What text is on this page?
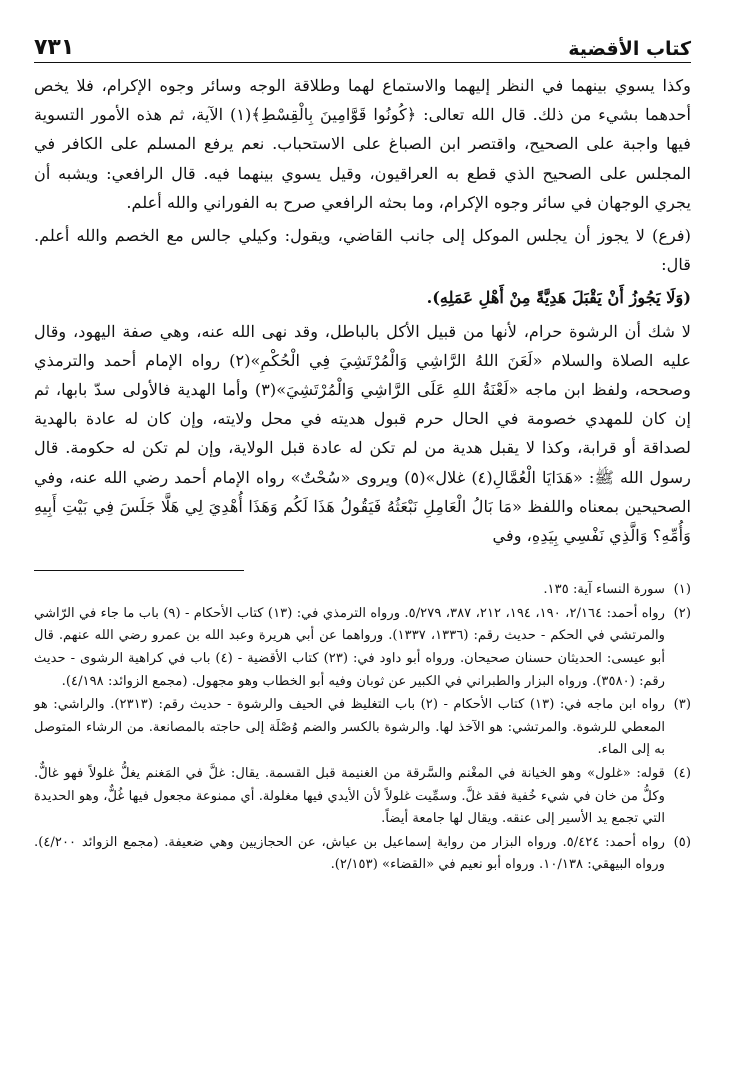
كتاب الأقضية
٧٣١

وكذا يسوي بينهما في النظر إليهما والاستماع لهما وطلاقة الوجه وسائر وجوه الإكرام، فلا يخص أحدهما بشيء من ذلك. قال الله تعالى: ﴿كُونُوا قَوَّامِينَ بِالْقِسْطِ﴾(١) الآية، ثم هذه الأمور التسوية فيها واجبة على الصحيح، واقتصر ابن الصباغ على الاستحباب. نعم يرفع المسلم على الكافر في المجلس على الصحيح الذي قطع به العراقيون، وقيل يسوي بينهما فيه. قال الرافعي: ويشبه أن يجري الوجهان في سائر وجوه الإكرام، وما بحثه الرافعي صرح به الفوراني والله أعلم.

(فرع) لا يجوز أن يجلس الموكل إلى جانب القاضي، ويقول: وكيلي جالس مع الخصم والله أعلم. قال:

(وَلَا يَجُوزُ أَنْ يَقْبَلَ هَدِيَّةً مِنْ أَهْلِ عَمَلِهِ).

لا شك أن الرشوة حرام، لأنها من قبيل الأكل بالباطل، وقد نهى الله عنه، وهي صفة اليهود، وقال عليه الصلاة والسلام «لَعَنَ اللهُ الرَّاشِي وَالْمُرْتَشِيَ فِي الْحُكْمِ»(٢) رواه الإمام أحمد والترمذي وصححه، ولفظ ابن ماجه «لَعْنَةُ اللهِ عَلَى الرَّاشِي وَالْمُرْتَشِيَ»(٣) وأما الهدية فالأولى سدّ بابها، ثم إن كان للمهدي خصومة في الحال حرم قبول هديته في محل ولايته، وإن كان له عادة بالهدية لصداقة أو قرابة، وكذا لا يقبل هدية من لم تكن له عادة قبل الولاية، وإن لم تكن له حكومة. قال رسول الله ﷺ: «هَدَايَا الْعُمَّالِ(٤) غلال»(٥) ويروى «سُحْتٌ» رواه الإمام أحمد رضي الله عنه، وفي الصحيحين بمعناه واللفظ «مَا بَالُ الْعَامِلِ نَبْعَثُهُ فَيَقُولُ هَذَا لَكُم وَهَذَا أُهْدِيَ لِي هَلَّا جَلَسَ فِي بَيْتِ أَبِيهِ وَأُمِّهِ؟ وَالَّذِي نَفْسِي بِيَدِهِ، وفي

(١)
سورة النساء آية: ١٣٥.
(٢)
رواه أحمد: ٢/١٦٤، ١٩٠، ١٩٤، ٢١٢، ٣٨٧، ٥/٢٧٩. ورواه الترمذي في: (١٣) كتاب الأحكام - (٩) باب ما جاء في الرّاشي والمرتشي في الحكم - حديث رقم: (١٣٣٦، ١٣٣٧). ورواهما عن أبي هريرة وعبد الله بن عمرو رضي الله عنهم. قال أبو عيسى: الحديثان حسنان صحيحان. ورواه أبو داود في: (٢٣) كتاب الأقضية - (٤) باب في كراهية الرشوى - حديث رقم: (٣٥٨٠). ورواه البزار والطبراني في الكبير عن ثوبان وفيه أبو الخطاب وهو مجهول. (مجمع الزوائد: ٤/١٩٨).
(٣)
رواه ابن ماجه في: (١٣) كتاب الأحكام - (٢) باب التغليظ في الحيف والرشوة - حديث رقم: (٢٣١٣). والراشي: هو المعطي للرشوة. والمرتشي: هو الآخذ لها. والرشوة بالكسر والضم وُصْلَة إلى حاجته بالمصانعة. من الرشاء المتوصل به إلى الماء.
(٤)
قوله: «غلول» وهو الخيانة في المغْنم والسَّرقة من الغنيمة قبل القسمة. يقال: غلَّ في المَغنم يغلُّ غلولاً فهو غالٌّ. وكلُّ من خان في شيء خُفية فقد غلَّ. وسمِّيت غلولاً لأن الأيدي فيها مغلولة. أي ممنوعة مجعول فيها غُلٌّ، وهو الحديدة التي تجمع يد الأسير إلى عنقه. ويقال لها جامعة أيضاً.
(٥)
رواه أحمد: ٥/٤٢٤. ورواه البزار من رواية إسماعيل بن عياش، عن الحجازيين وهي ضعيفة. (مجمع الزوائد ٤/٢٠٠). ورواه البيهقي: ١٠/١٣٨. ورواه أبو نعيم في «القضاء» (٢/١٥٣).
